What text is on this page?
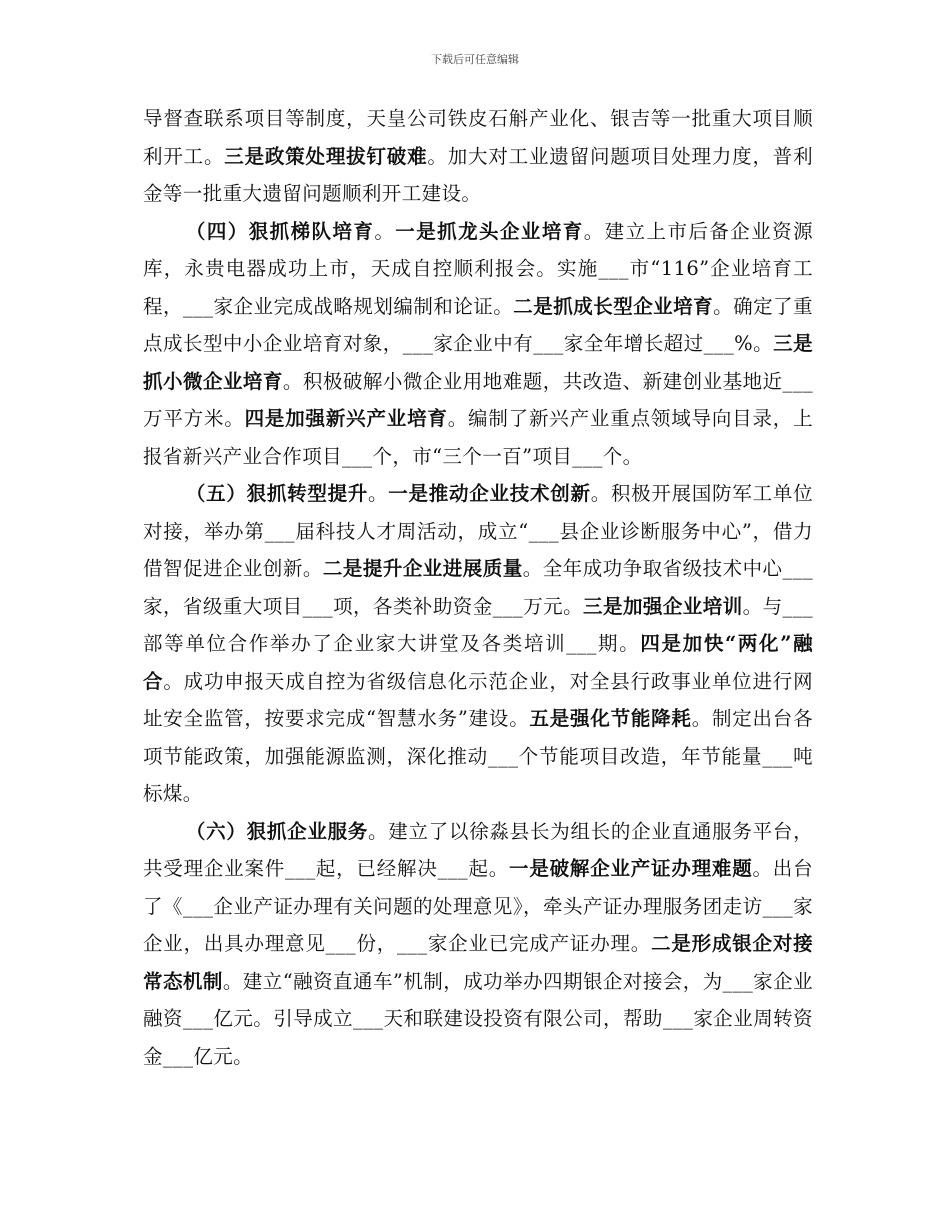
下载后可任意编辑

导督查联系项目等制度，天皇公司铁皮石斛产业化、银吉等一批重大项目顺利开工。三是政策处理拔钉破难。加大对工业遗留问题项目处理力度，普利金等一批重大遗留问题顺利开工建设。

（四）狠抓梯队培育。一是抓龙头企业培育。建立上市后备企业资源库，永贵电器成功上市，天成自控顺利报会。实施___市“116”企业培育工程，___家企业完成战略规划编制和论证。二是抓成长型企业培育。确定了重点成长型中小企业培育对象，___家企业中有___家全年增长超过___%。三是抓小微企业培育。积极破解小微企业用地难题，共改造、新建创业基地近___万平方米。四是加强新兴产业培育。编制了新兴产业重点领域导向目录，上报省新兴产业合作项目___个，市“三个一百”项目___个。

（五）狠抓转型提升。一是推动企业技术创新。积极开展国防军工单位对接，举办第___届科技人才周活动，成立“___县企业诊断服务中心”，借力借智促进企业创新。二是提升企业进展质量。全年成功争取省级技术中心___家，省级重大项目___项，各类补助资金___万元。三是加强企业培训。与___部等单位合作举办了企业家大讲堂及各类培训___期。四是加快“两化”融合。成功申报天成自控为省级信息化示范企业，对全县行政事业单位进行网址安全监管，按要求完成“智慧水务”建设。五是强化节能降耗。制定出台各项节能政策，加强能源监测，深化推动___个节能项目改造，年节能量___吨标煤。

（六）狠抓企业服务。建立了以徐淼县长为组长的企业直通服务平台，共受理企业案件___起，已经解决___起。一是破解企业产证办理难题。出台了《___企业产证办理有关问题的处理意见》，牵头产证办理服务团走访___家企业，出具办理意见___份，___家企业已完成产证办理。二是形成银企对接常态机制。建立“融资直通车”机制，成功举办四期银企对接会，为___家企业融资___亿元。引导成立___天和联建设投资有限公司，帮助___家企业周转资金___亿元。
